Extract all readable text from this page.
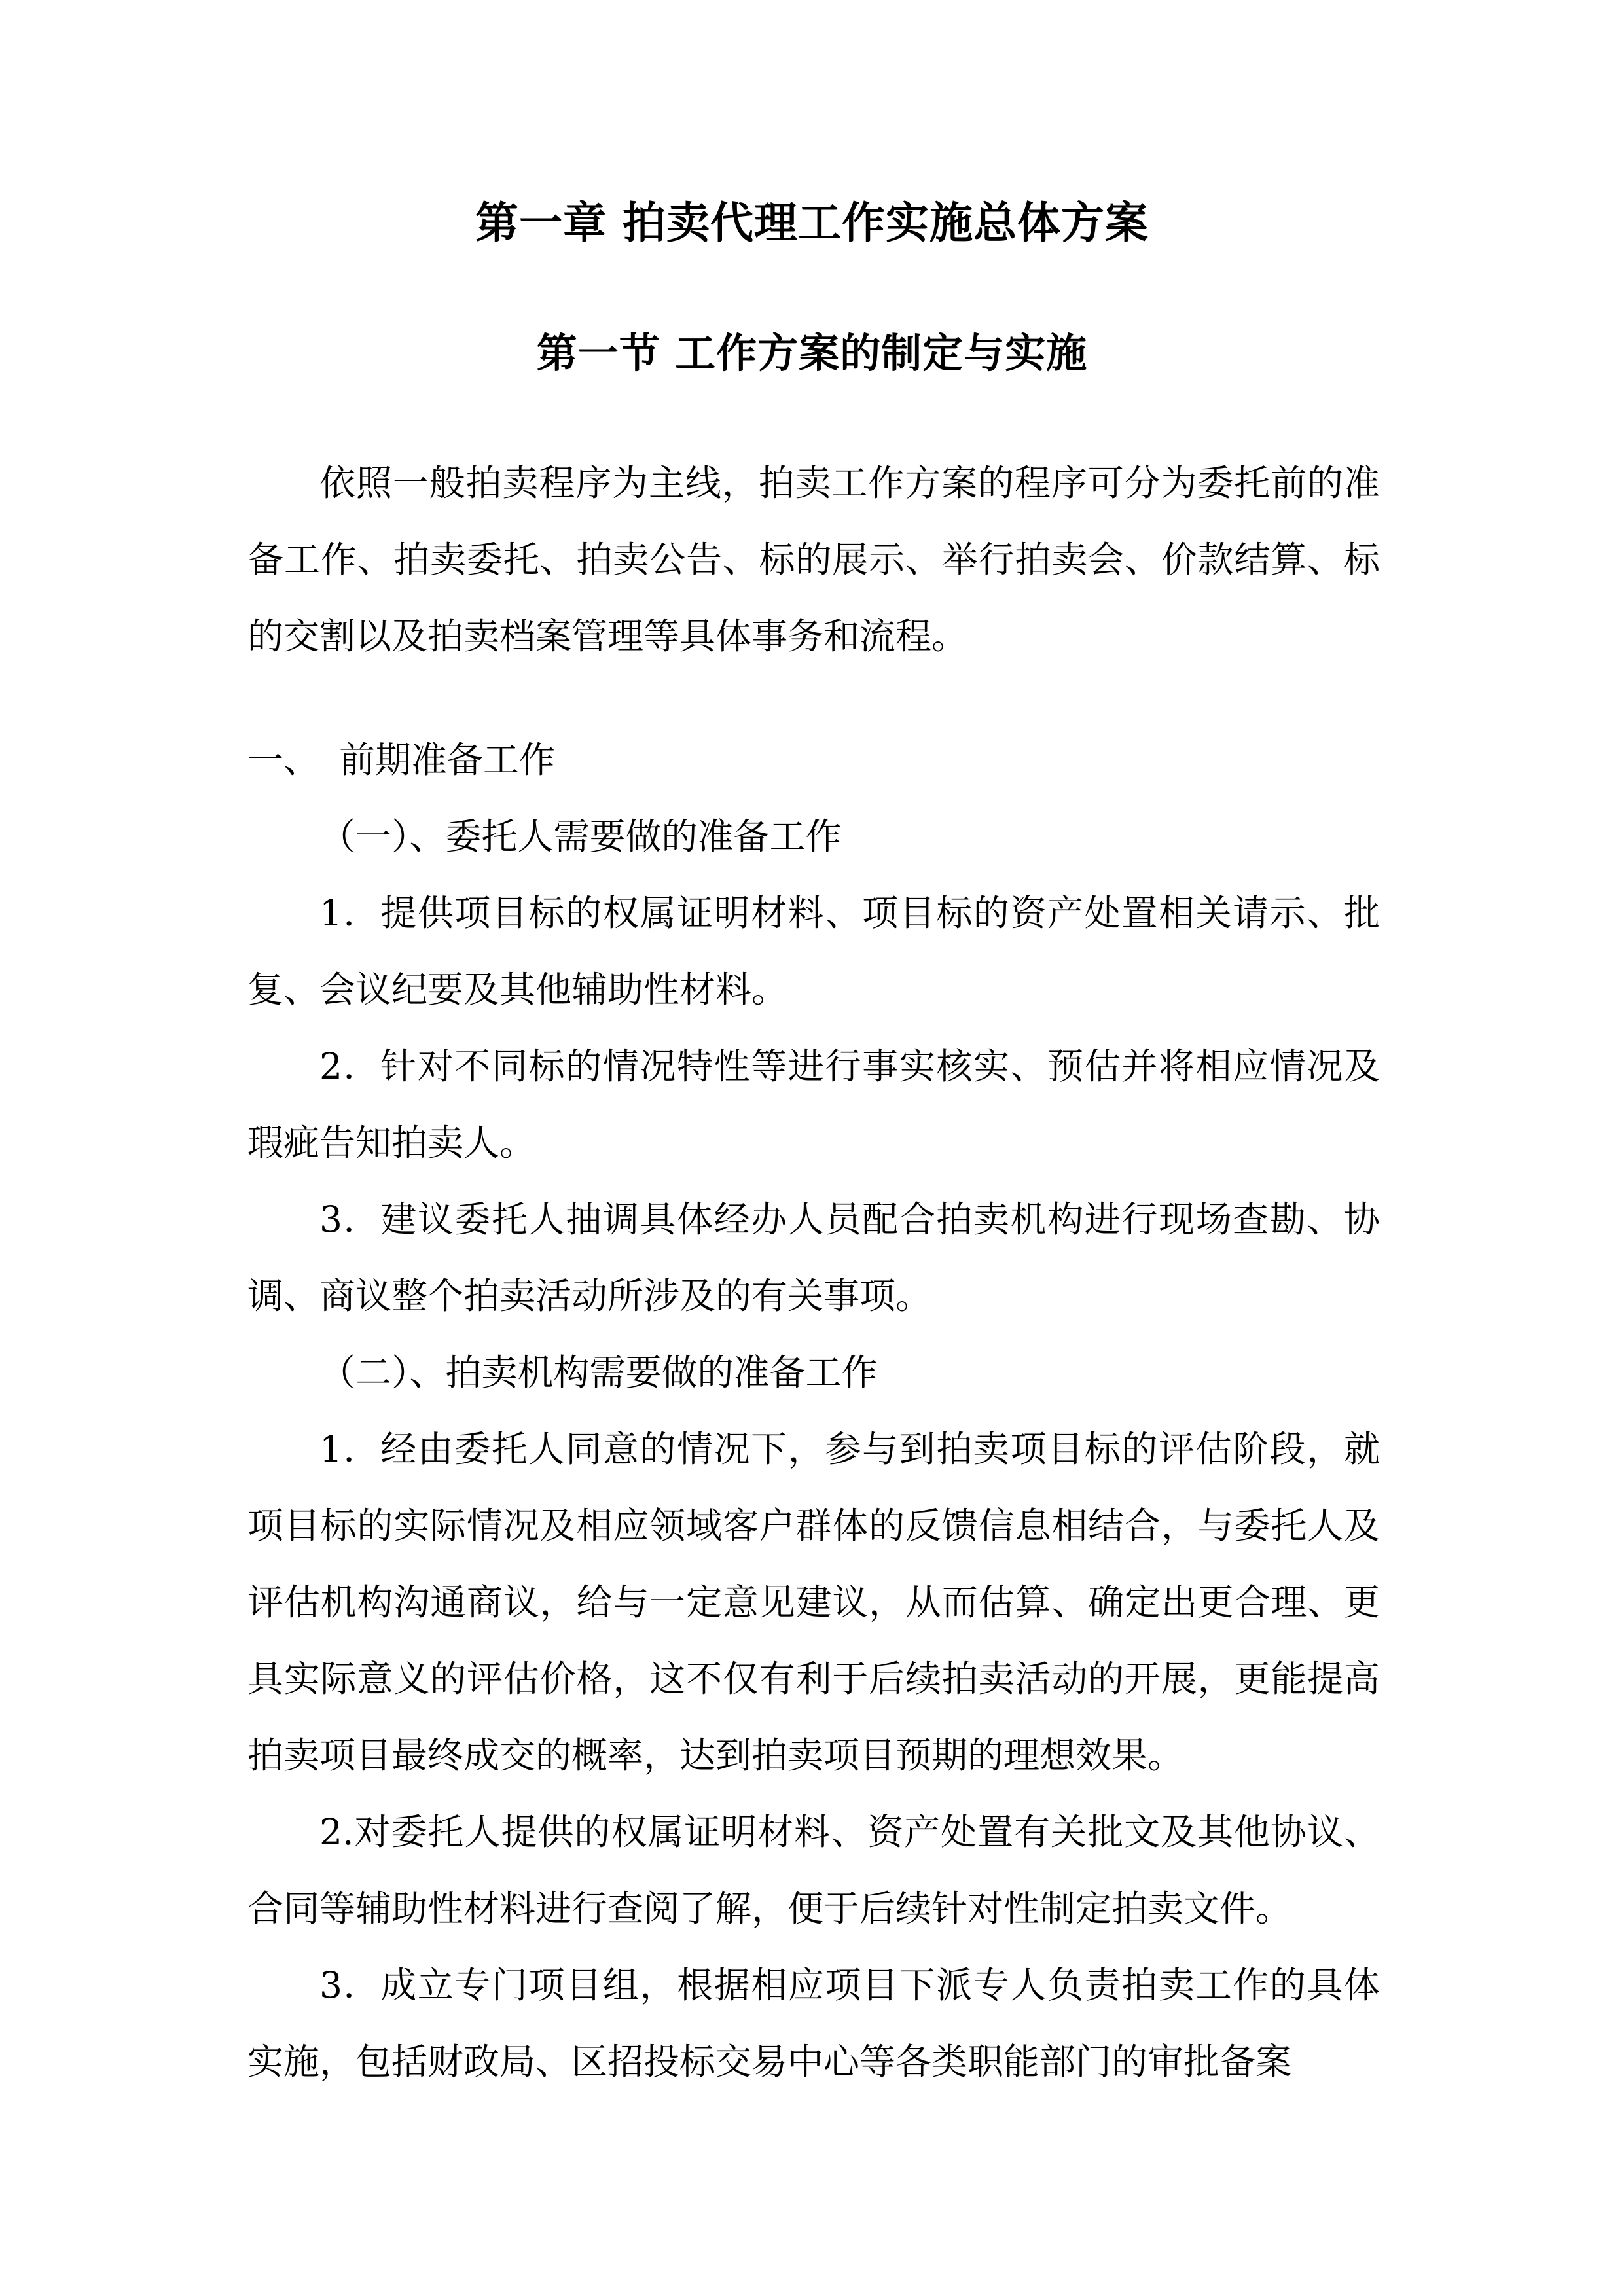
第一章 拍卖代理工作实施总体方案
第一节 工作方案的制定与实施

依照一般拍卖程序为主线，拍卖工作方案的程序可分为委托前的准备工作、拍卖委托、拍卖公告、标的展示、举行拍卖会、价款结算、标的交割以及拍卖档案管理等具体事务和流程。

一、 前期准备工作
（一）、委托人需要做的准备工作

1．提供项目标的权属证明材料、项目标的资产处置相关请示、批复、会议纪要及其他辅助性材料。

2．针对不同标的情况特性等进行事实核实、预估并将相应情况及瑕疵告知拍卖人。

3．建议委托人抽调具体经办人员配合拍卖机构进行现场查勘、协调、商议整个拍卖活动所涉及的有关事项。

（二）、拍卖机构需要做的准备工作

1．经由委托人同意的情况下，参与到拍卖项目标的评估阶段，就项目标的实际情况及相应领域客户群体的反馈信息相结合，与委托人及评估机构沟通商议，给与一定意见建议，从而估算、确定出更合理、更具实际意义的评估价格，这不仅有利于后续拍卖活动的开展，更能提高拍卖项目最终成交的概率，达到拍卖项目预期的理想效果。

2.对委托人提供的权属证明材料、资产处置有关批文及其他协议、合同等辅助性材料进行查阅了解，便于后续针对性制定拍卖文件。

3．成立专门项目组，根据相应项目下派专人负责拍卖工作的具体实施，包括财政局、区招投标交易中心等各类职能部门的审批备案
